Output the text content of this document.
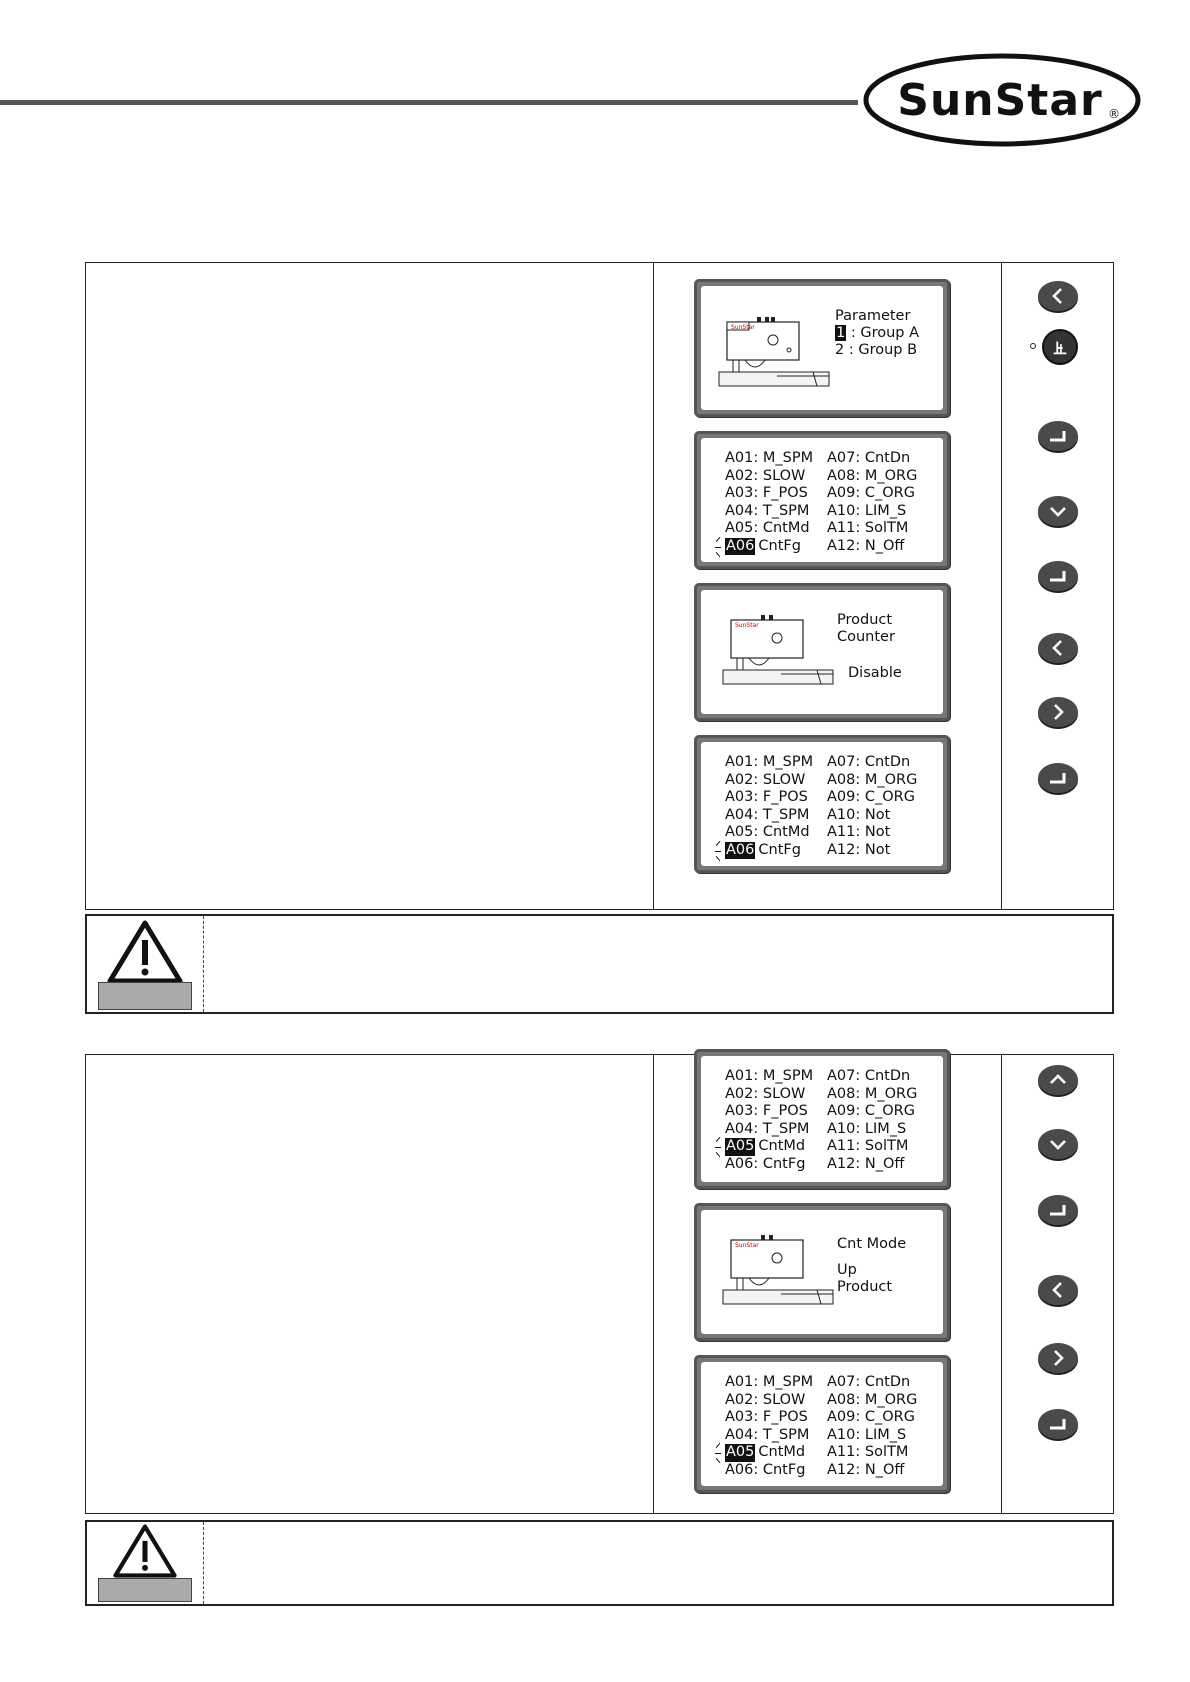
SunStar ®
SunStar
Parameter
1 : Group A
2 : Group B
A01: M_SPM
A02: SLOW
A03: F_POS
A04: T_SPM
A05: CntMd
A06 CntFg
A07: CntDn
A08: M_ORG
A09: C_ORG
A10: LIM_S
A11: SolTM
A12: N_Off
SunStar	Product
Counter
Disable
A01: M_SPM
A02: SLOW
A03: F_POS
A04: T_SPM
A05: CntMd
A06 CntFg
A07: CntDn
A08: M_ORG
A09: C_ORG
A10: Not
A11: Not
A12: Not
A01: M_SPM
A02: SLOW
A03: F_POS
A04: T_SPM
A05 CntMd
A06: CntFg
A07: CntDn
A08: M_ORG
A09: C_ORG
A10: LIM_S
A11: SolTM
A12: N_Off
SunStar	Cnt Mode
Up
Product
A01: M_SPM
A02: SLOW
A03: F_POS
A04: T_SPM
A05 CntMd
A06: CntFg
A07: CntDn
A08: M_ORG
A09: C_ORG
A10: LIM_S
A11: SolTM
A12: N_Off
